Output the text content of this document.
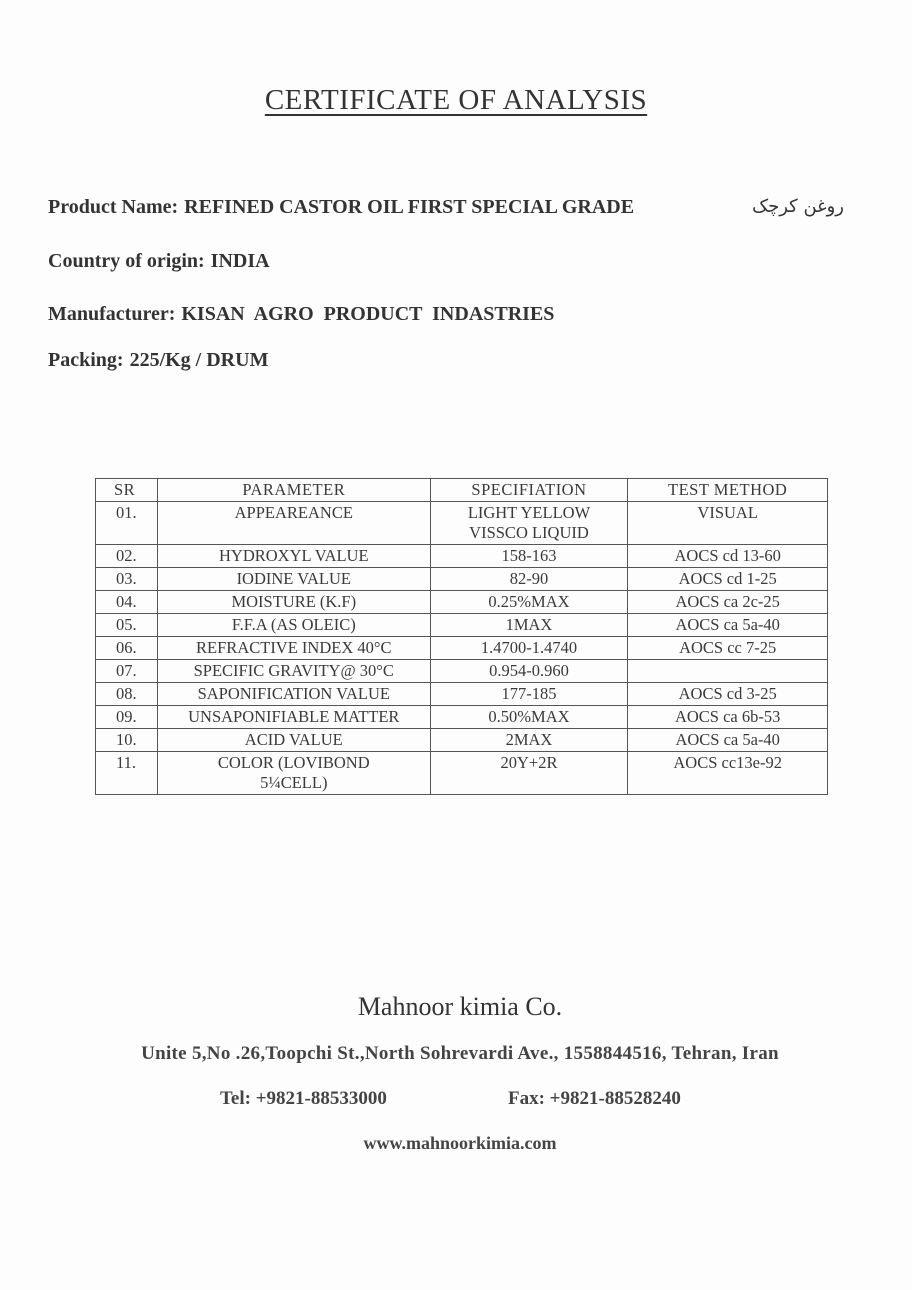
CERTIFICATE OF ANALYSIS
Product Name: REFINED CASTOR OIL FIRST SPECIAL GRADE	روغن کرچک
Country of origin: INDIA
Manufacturer: KISAN  AGRO  PRODUCT  INDASTRIES
Packing: 225/Kg / DRUM
SR	PARAMETER	SPECIFIATION	TEST METHOD
01.	APPEAREANCE	LIGHT YELLOW VISSCO LIQUID	VISUAL
02.	HYDROXYL VALUE	158-163	AOCS cd 13-60
03.	IODINE VALUE	82-90	AOCS cd 1-25
04.	MOISTURE (K.F)	0.25%MAX	AOCS ca 2c-25
05.	F.F.A (AS OLEIC)	1MAX	AOCS ca 5a-40
06.	REFRACTIVE INDEX 40°C	1.4700-1.4740	AOCS cc 7-25
07.	SPECIFIC GRAVITY@ 30°C	0.954-0.960	
08.	SAPONIFICATION VALUE	177-185	AOCS cd 3-25
09.	UNSAPONIFIABLE MATTER	0.50%MAX	AOCS ca 6b-53
10.	ACID VALUE	2MAX	AOCS ca 5a-40
11.	COLOR (LOVIBOND 5¼CELL)	20Y+2R	AOCS cc13e-92
Mahnoor kimia Co.
Unite 5,No .26,Toopchi St.,North Sohrevardi Ave., 1558844516, Tehran, Iran
Tel: +9821-88533000	Fax: +9821-88528240
www.mahnoorkimia.com
